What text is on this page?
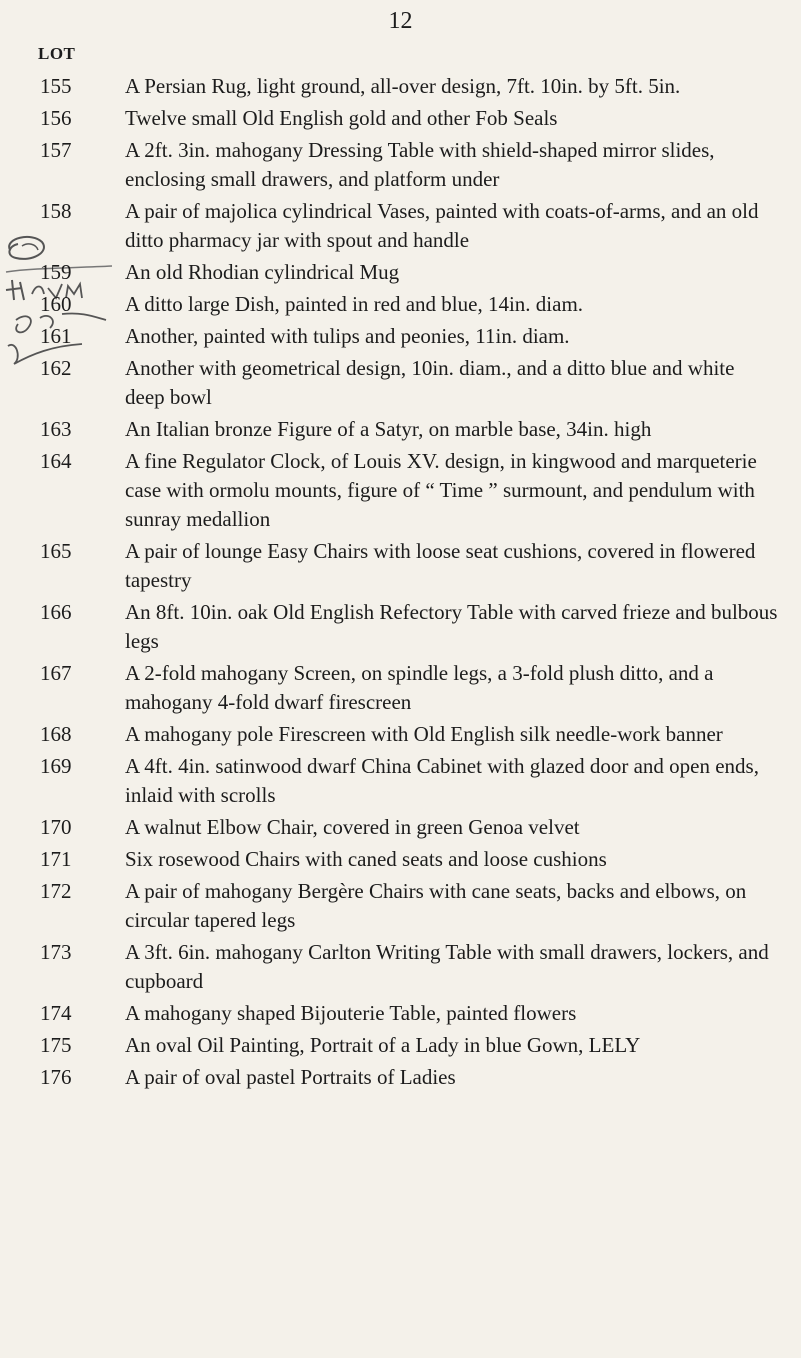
12
LOT
155	A Persian Rug, light ground, all-over design, 7ft. 10in. by 5ft. 5in.
156	Twelve small Old English gold and other Fob Seals
157	A 2ft. 3in. mahogany Dressing Table with shield-shaped mirror slides, enclosing small drawers, and platform under
158	A pair of majolica cylindrical Vases, painted with coats-of-arms, and an old ditto pharmacy jar with spout and handle
159	An old Rhodian cylindrical Mug
160	A ditto large Dish, painted in red and blue, 14in. diam.
161	Another, painted with tulips and peonies, 11in. diam.
162	Another with geometrical design, 10in. diam., and a ditto blue and white deep bowl
163	An Italian bronze Figure of a Satyr, on marble base, 34in. high
164	A fine Regulator Clock, of Louis XV. design, in kingwood and marqueterie case with ormolu mounts, figure of “ Time ” surmount, and pendulum with sunray medallion
165	A pair of lounge Easy Chairs with loose seat cushions, covered in flowered tapestry
166	An 8ft. 10in. oak Old English Refectory Table with carved frieze and bulbous legs
167	A 2-fold mahogany Screen, on spindle legs, a 3-fold plush ditto, and a mahogany 4-fold dwarf firescreen
168	A mahogany pole Firescreen with Old English silk needle-work banner
169	A 4ft. 4in. satinwood dwarf China Cabinet with glazed door and open ends, inlaid with scrolls
170	A walnut Elbow Chair, covered in green Genoa velvet
171	Six rosewood Chairs with caned seats and loose cushions
172	A pair of mahogany Bergère Chairs with cane seats, backs and elbows, on circular tapered legs
173	A 3ft. 6in. mahogany Carlton Writing Table with small drawers, lockers, and cupboard
174	A mahogany shaped Bijouterie Table, painted flowers
175	An oval Oil Painting, Portrait of a Lady in blue Gown, LELY
176	A pair of oval pastel Portraits of Ladies
